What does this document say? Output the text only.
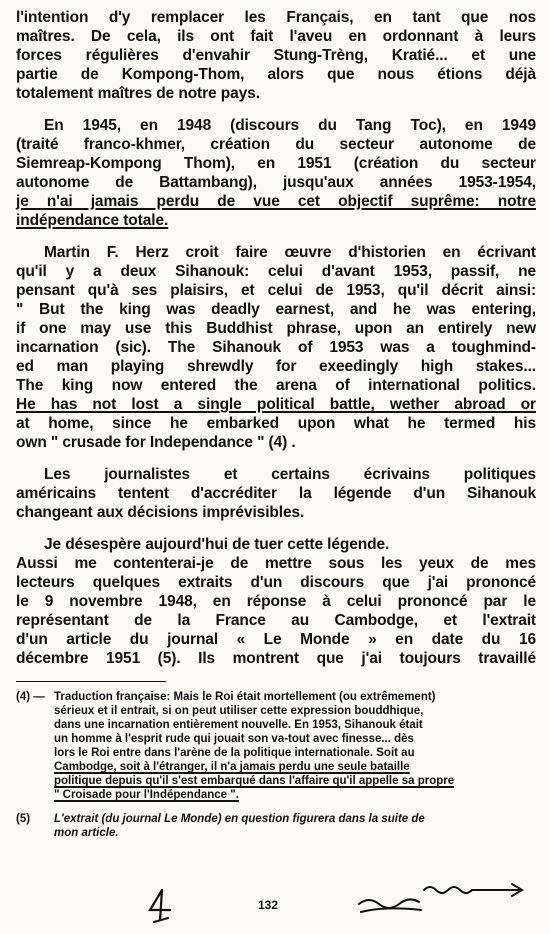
l'intention d'y remplacer les Français, en tant que nos
maîtres. De cela, ils ont fait l'aveu en ordonnant à leurs
forces régulières d'envahir Stung-Trèng, Kratié... et une
partie de Kompong-Thom, alors que nous étions déjà
totalement maîtres de notre pays.

En 1945, en 1948 (discours du Tang Toc), en 1949
(traité franco-khmer, création du secteur autonome de
Siemreap-Kompong Thom), en 1951 (création du secteur
autonome de Battambang), jusqu'aux années 1953-1954,
je n'ai jamais perdu de vue cet objectif suprême: notre
indépendance totale.

Martin F. Herz croit faire œuvre d'historien en écrivant
qu'il y a deux Sihanouk: celui d'avant 1953, passif, ne
pensant qu'à ses plaisirs, et celui de 1953, qu'il décrit ainsi:
" But the king was deadly earnest, and he was entering,
if one may use this Buddhist phrase, upon an entirely new
incarnation (sic). The Sihanouk of 1953 was a toughmind-
ed man playing shrewdly for exeedingly high stakes...
The king now entered the arena of international politics.
He has not lost a single political battle, wether abroad or
at home, since he embarked upon what he termed his
own " crusade for Independance " (4) .

Les journalistes et certains écrivains politiques
américains tentent d'accréditer la légende d'un Sihanouk
changeant aux décisions imprévisibles.

Je désespère aujourd'hui de tuer cette légende.
Aussi me contenterai-je de mettre sous les yeux de mes
lecteurs quelques extraits d'un discours que j'ai prononcé
le 9 novembre 1948, en réponse à celui prononcé par le
représentant de la France au Cambodge, et l'extrait
d'un article du journal « Le Monde » en date du 16
décembre 1951 (5). Ils montrent que j'ai toujours travaillé

(4) — Traduction française: Mais le Roi était mortellement (ou extrêmement)
sérieux et il entrait, si on peut utiliser cette expression bouddhique,
dans une incarnation entièrement nouvelle. En 1953, Sihanouk était
un homme à l'esprit rude qui jouait son va-tout avec finesse... dès
lors le Roi entre dans l'arène de la politique internationale. Soit au
Cambodge, soit à l'étranger, il n'a jamais perdu une seule bataille
politique depuis qu'il s'est embarqué dans l'affaire qu'il appelle sa propre
" Croisade pour l'Indépendance ".
(5)	L'extrait (du journal Le Monde) en question figurera dans la suite de
mon article.
132
